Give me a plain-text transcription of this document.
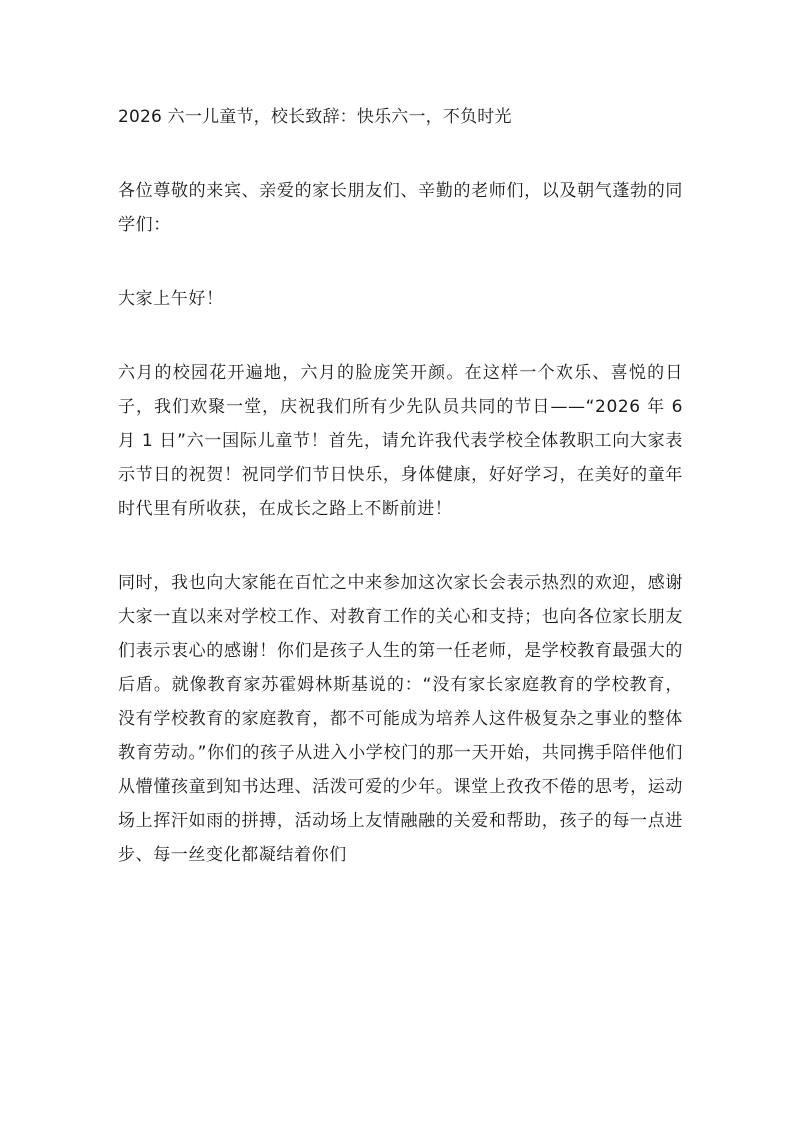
2026 六一儿童节，校长致辞：快乐六一，不负时光

各位尊敬的来宾、亲爱的家长朋友们、辛勤的老师们，以及朝气蓬勃的同学们：

大家上午好！

六月的校园花开遍地，六月的脸庞笑开颜。在这样一个欢乐、喜悦的日子，我们欢聚一堂，庆祝我们所有少先队员共同的节日——“2026 年 6 月 1 日”六一国际儿童节！首先，请允许我代表学校全体教职工向大家表示节日的祝贺！祝同学们节日快乐，身体健康，好好学习，在美好的童年时代里有所收获，在成长之路上不断前进！

同时，我也向大家能在百忙之中来参加这次家长会表示热烈的欢迎，感谢大家一直以来对学校工作、对教育工作的关心和支持；也向各位家长朋友们表示衷心的感谢！你们是孩子人生的第一任老师，是学校教育最强大的后盾。就像教育家苏霍姆林斯基说的：“没有家长家庭教育的学校教育，没有学校教育的家庭教育，都不可能成为培养人这件极复杂之事业的整体教育劳动。”你们的孩子从进入小学校门的那一天开始，共同携手陪伴他们从懵懂孩童到知书达理、活泼可爱的少年。课堂上孜孜不倦的思考，运动场上挥汗如雨的拼搏，活动场上友情融融的关爱和帮助，孩子的每一点进步、每一丝变化都凝结着你们
